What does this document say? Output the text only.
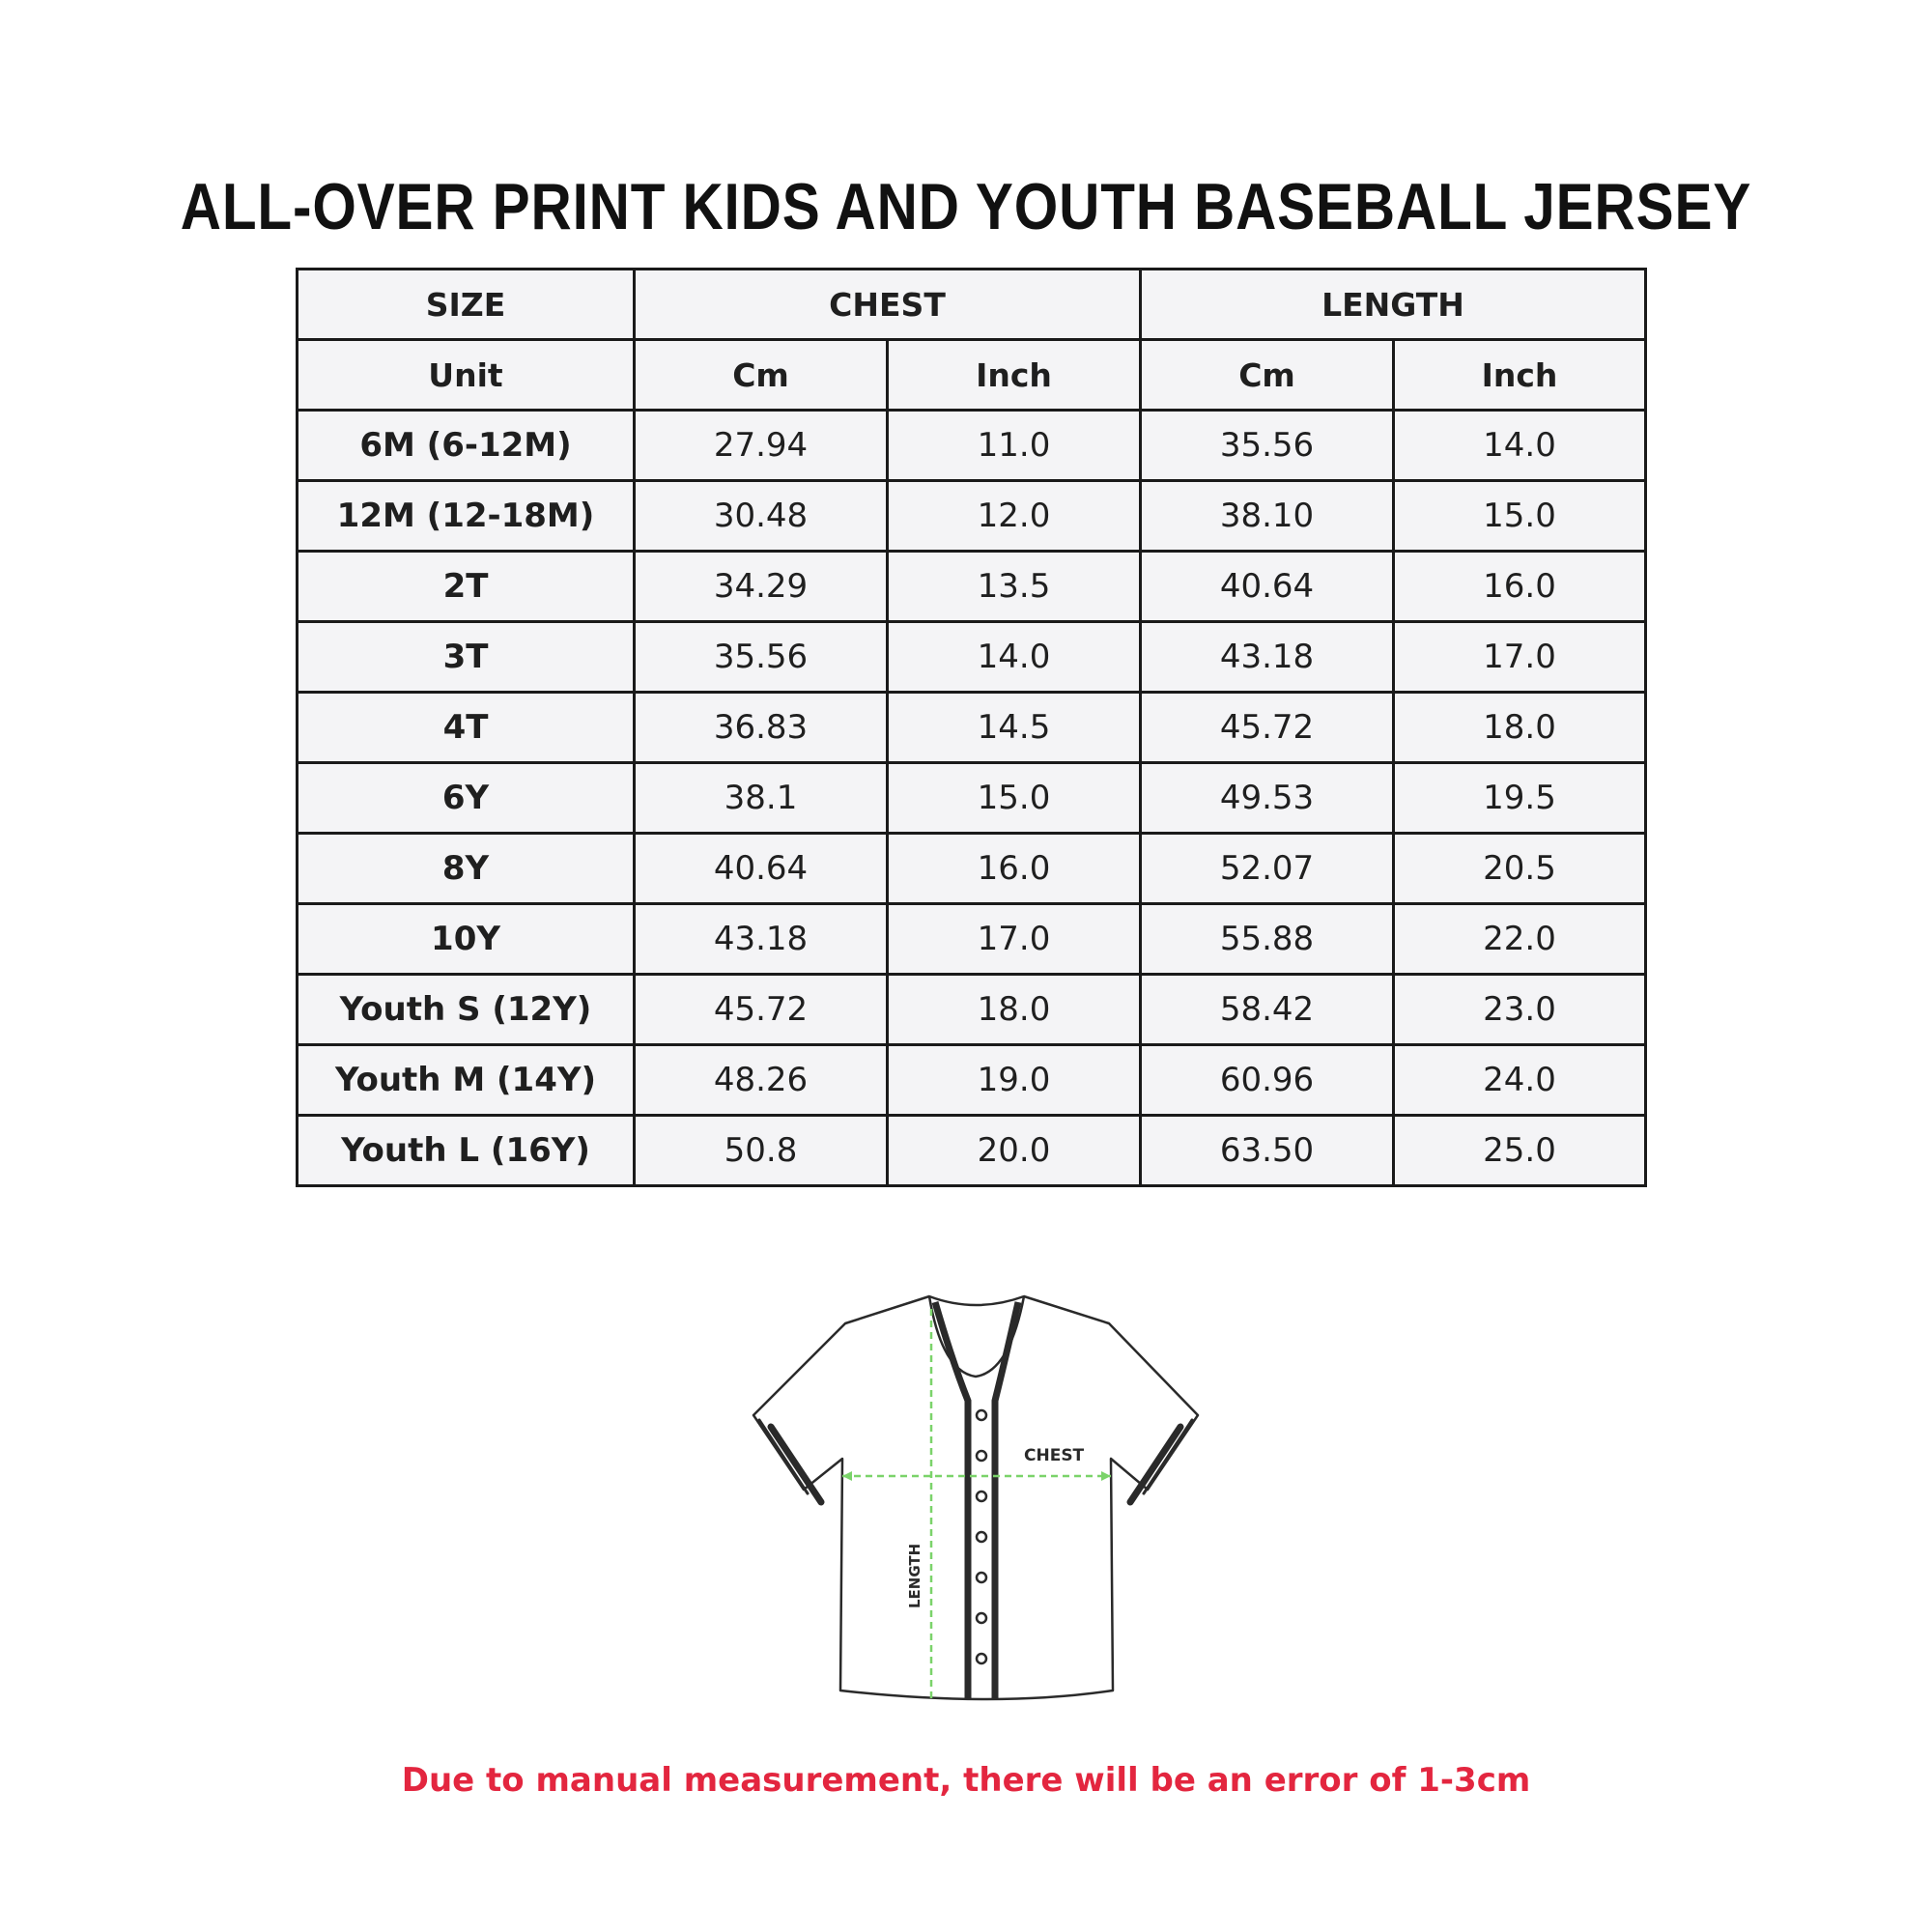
ALL-OVER PRINT KIDS AND YOUTH BASEBALL JERSEY
SIZE	CHEST		LENGTH	
Unit	Cm	Inch	Cm	Inch
6M (6-12M)	27.94	11.0	35.56	14.0
12M (12-18M)	30.48	12.0	38.10	15.0
2T	34.29	13.5	40.64	16.0
3T	35.56	14.0	43.18	17.0
4T	36.83	14.5	45.72	18.0
6Y	38.1	15.0	49.53	19.5
8Y	40.64	16.0	52.07	20.5
10Y	43.18	17.0	55.88	22.0
Youth S (12Y)	45.72	18.0	58.42	23.0
Youth M (14Y)	48.26	19.0	60.96	24.0
Youth L (16Y)	50.8	20.0	63.50	25.0
CHEST
LENGTH
Due to manual measurement, there will be an error of 1-3cm
